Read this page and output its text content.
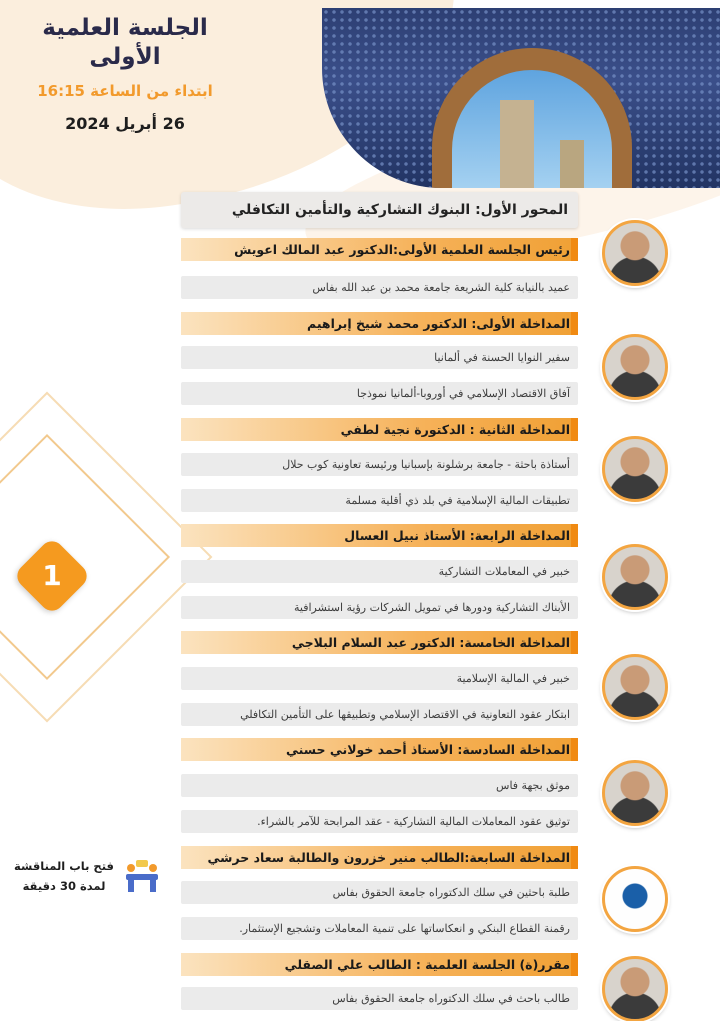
الجلسة العلمية
الأولى
ابتداء من الساعة 16:15
26 أبريل 2024
المحور الأول: البنوك التشاركية والتأمين التكافلي
1
رئيس الجلسة العلمية الأولى:الدكتور عبد المالك اعويش
عميد بالنيابة كلية الشريعة جامعة محمد بن عبد الله بفاس
المداخلة الأولى: الدكتور محمد شيخ إبراهيم
سفير النوايا الحسنة في ألمانيا
آفاق الاقتصاد الإسلامي في أوروبا-ألمانيا نموذجا
المداخلة الثانية : الدكتورة نجية لطفي
أستاذة باحثة - جامعة برشلونة بإسبانيا ورئيسة تعاونية كوب حلال
تطبيقات المالية الإسلامية في بلد ذي أقلية مسلمة
المداخلة الرابعة: الأستاذ نبيل العسال
خبير في المعاملات التشاركية
الأبناك التشاركية ودورها في تمويل الشركات رؤية استشرافية
المداخلة الخامسة: الدكتور عبد السلام البلاجي
خبير في المالية الإسلامية
ابتكار عقود التعاونية في الاقتصاد الإسلامي وتطبيقها على التأمين التكافلي
المداخلة السادسة: الأستاذ أحمد خولاني حسني
موثق بجهة فاس
توثيق عقود المعاملات المالية التشاركية - عقد المرابحة للآمر بالشراء.
المداخلة السابعة:الطالب منير خزرون والطالبة سعاد حرشي
طلبة باحثين في سلك الدكتوراه جامعة الحقوق بفاس
رقمنة القطاع البنكي و انعكاساتها على تنمية المعاملات وتشجيع الإستثمار.
مقرر(ة) الجلسة العلمية : الطالب علي الصقلي
طالب باحث في سلك الدكتوراه جامعة الحقوق بفاس
فتح باب المناقشة
لمدة 30 دقيقة
